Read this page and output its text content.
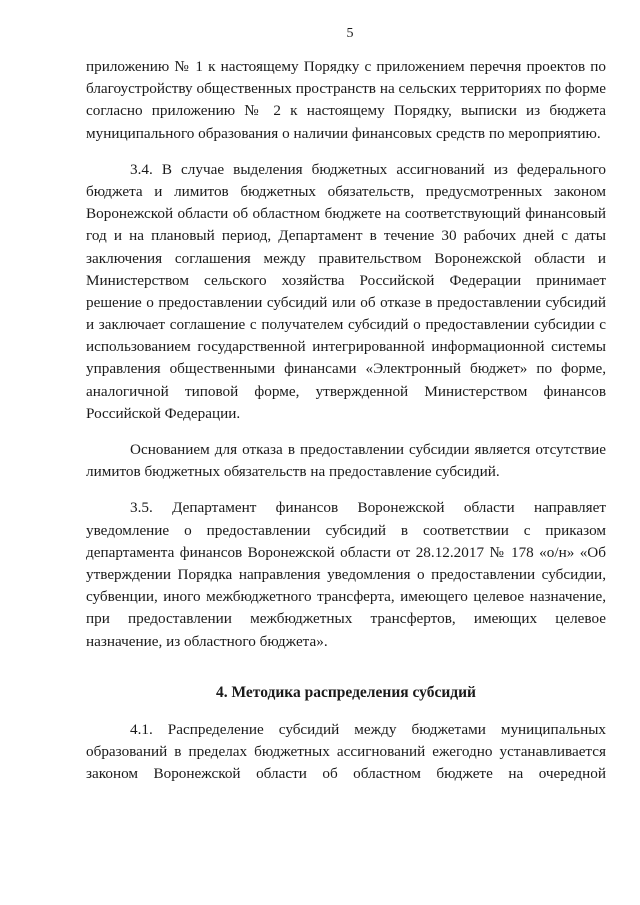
5
приложению № 1 к настоящему Порядку с приложением перечня проектов по
благоустройству общественных пространств на сельских территориях по форме
согласно приложению № 2 к настоящему Порядку, выписки из бюджета
муниципального образования о наличии финансовых средств по мероприятию.
3.4. В случае выделения бюджетных ассигнований из федерального
бюджета и лимитов бюджетных обязательств, предусмотренных законом
Воронежской области об областном бюджете на соответствующий финансовый
год и на плановый период, Департамент в течение 30 рабочих дней с даты
заключения соглашения между правительством Воронежской области и
Министерством сельского хозяйства Российской Федерации принимает
решение о предоставлении субсидий или об отказе в предоставлении субсидий
и заключает соглашение с получателем субсидий о предоставлении субсидии с
использованием государственной интегрированной информационной системы
управления общественными финансами «Электронный бюджет» по форме,
аналогичной типовой форме, утвержденной Министерством финансов
Российской Федерации.
Основанием для отказа в предоставлении субсидии является отсутствие
лимитов бюджетных обязательств на предоставление субсидий.
3.5. Департамент финансов Воронежской области направляет
уведомление о предоставлении субсидий в соответствии с приказом
департамента финансов Воронежской области от 28.12.2017 № 178 «о/н» «Об
утверждении Порядка направления уведомления о предоставлении субсидии,
субвенции, иного межбюджетного трансферта, имеющего целевое назначение,
при предоставлении межбюджетных трансфертов, имеющих целевое
назначение, из областного бюджета».
4. Методика распределения субсидий
4.1. Распределение субсидий между бюджетами муниципальных
образований в пределах бюджетных ассигнований ежегодно устанавливается
законом Воронежской области об областном бюджете на очередной
